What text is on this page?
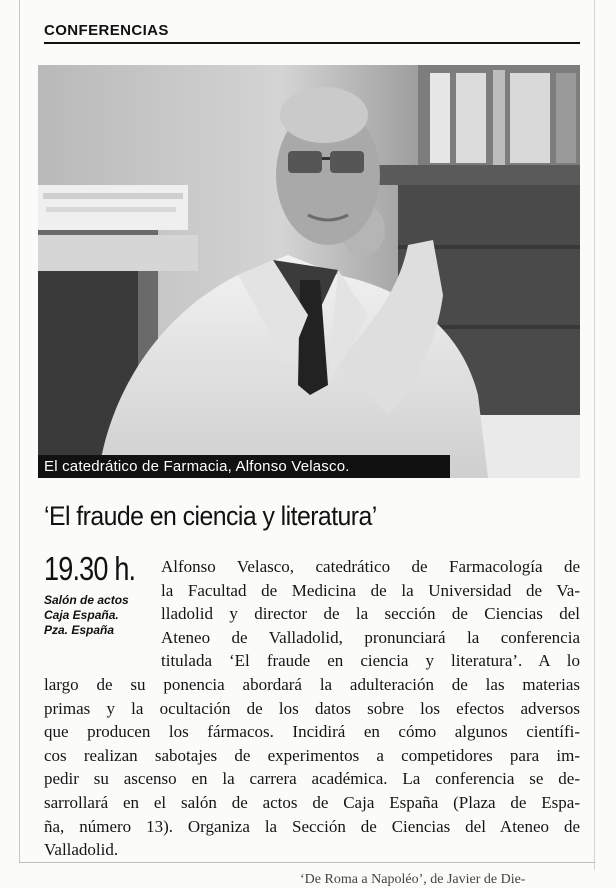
CONFERENCIAS
El catedrático de Farmacia, Alfonso Velasco.
‘El fraude en ciencia y literatura’
19.30 h.
Salón de actos
Caja España.
Pza. España
Alfonso Velasco, catedrático de Farmacología de
la Facultad de Medicina de la Universidad de Va-
lladolid y director de la sección de Ciencias del
Ateneo de Valladolid, pronunciará la conferencia
titulada ‘El fraude en ciencia y literatura’. A lo
largo de su ponencia abordará la adulteración de las materias
primas y la ocultación de los datos sobre los efectos adversos
que producen los fármacos. Incidirá en cómo algunos científi-
cos realizan sabotajes de experimentos a competidores para im-
pedir su ascenso en la carrera académica. La conferencia se de-
sarrollará en el salón de actos de Caja España (Plaza de Espa-
ña, número 13). Organiza la Sección de Ciencias del Ateneo de
Valladolid.
‘De Roma a Napoléo’, de Javier de Die-
